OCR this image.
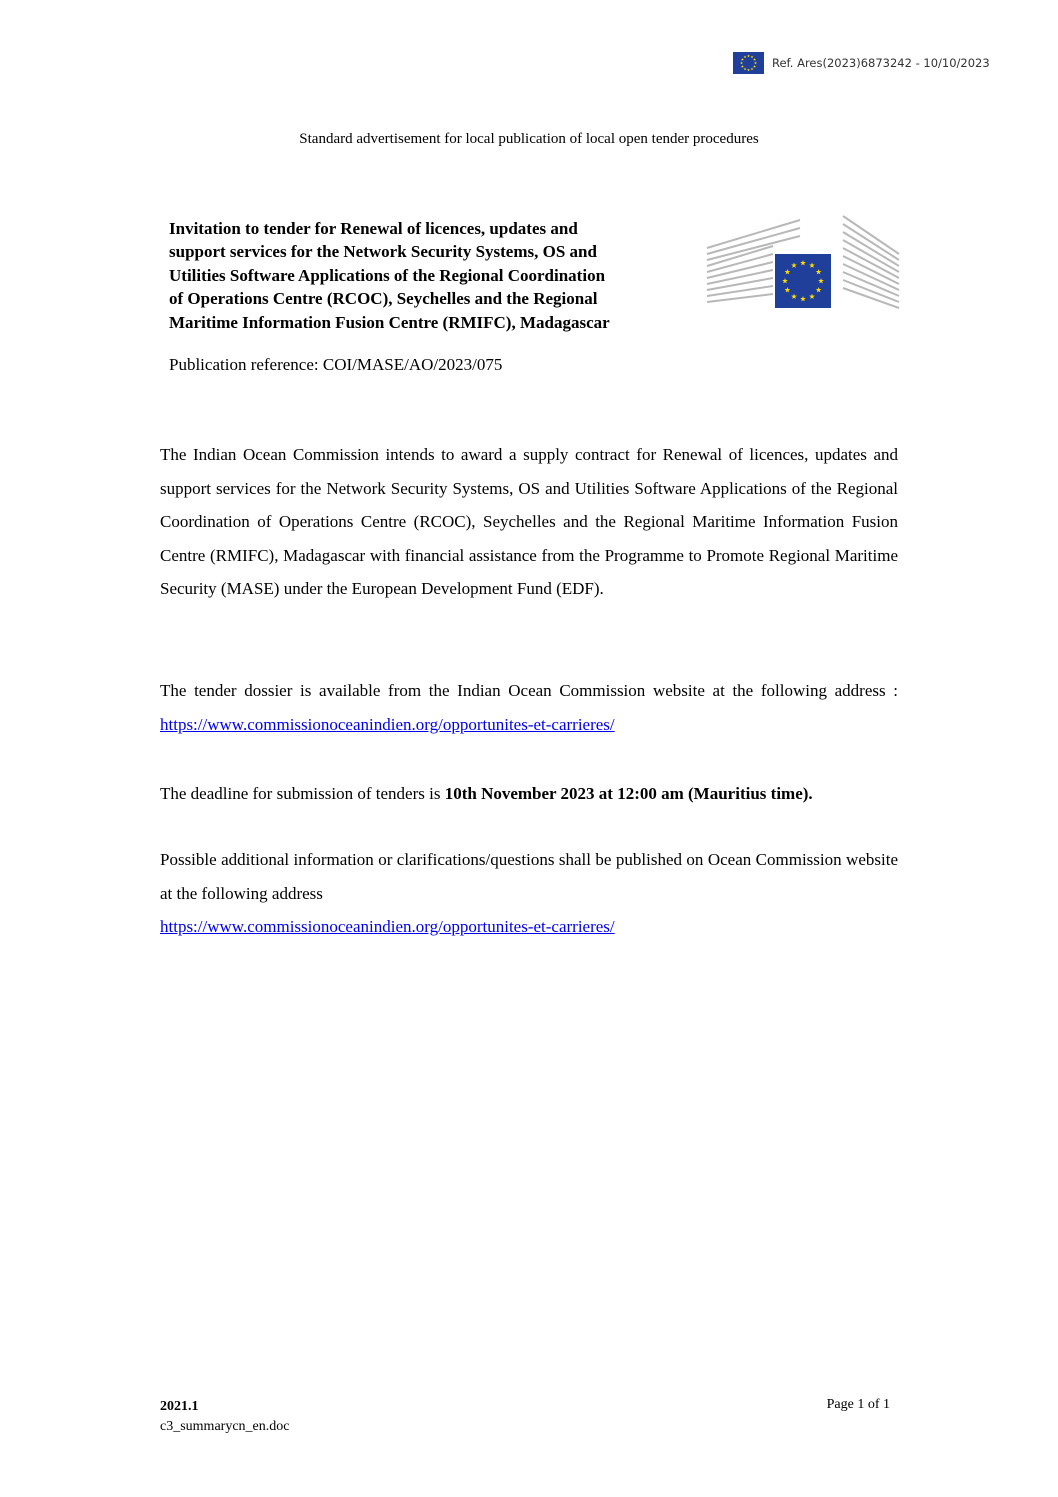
Ref. Ares(2023)6873242 - 10/10/2023
Standard advertisement for local publication of local open tender procedures
Invitation to tender for Renewal of licences, updates and
support services for the Network Security Systems, OS and
Utilities Software Applications of the Regional Coordination
of Operations Centre (RCOC), Seychelles and the Regional
Maritime Information Fusion Centre (RMIFC), Madagascar
Publication reference: COI/MASE/AO/2023/075
The Indian Ocean Commission intends to award a supply contract for Renewal of licences, updates and support services for the Network Security Systems, OS and Utilities Software Applications of the Regional Coordination of Operations Centre (RCOC), Seychelles and the Regional Maritime Information Fusion Centre (RMIFC), Madagascar with financial assistance from the Programme to Promote Regional Maritime Security (MASE) under the European Development Fund (EDF).
The tender dossier is available from the Indian Ocean Commission website at the following address : https://www.commissionoceanindien.org/opportunites-et-carrieres/
The deadline for submission of tenders is 10th November 2023 at 12:00 am (Mauritius time).
Possible additional information or clarifications/questions shall be published on Ocean Commission website at the following address
https://www.commissionoceanindien.org/opportunites-et-carrieres/
2021.1
c3_summarycn_en.doc
Page 1 of 1
